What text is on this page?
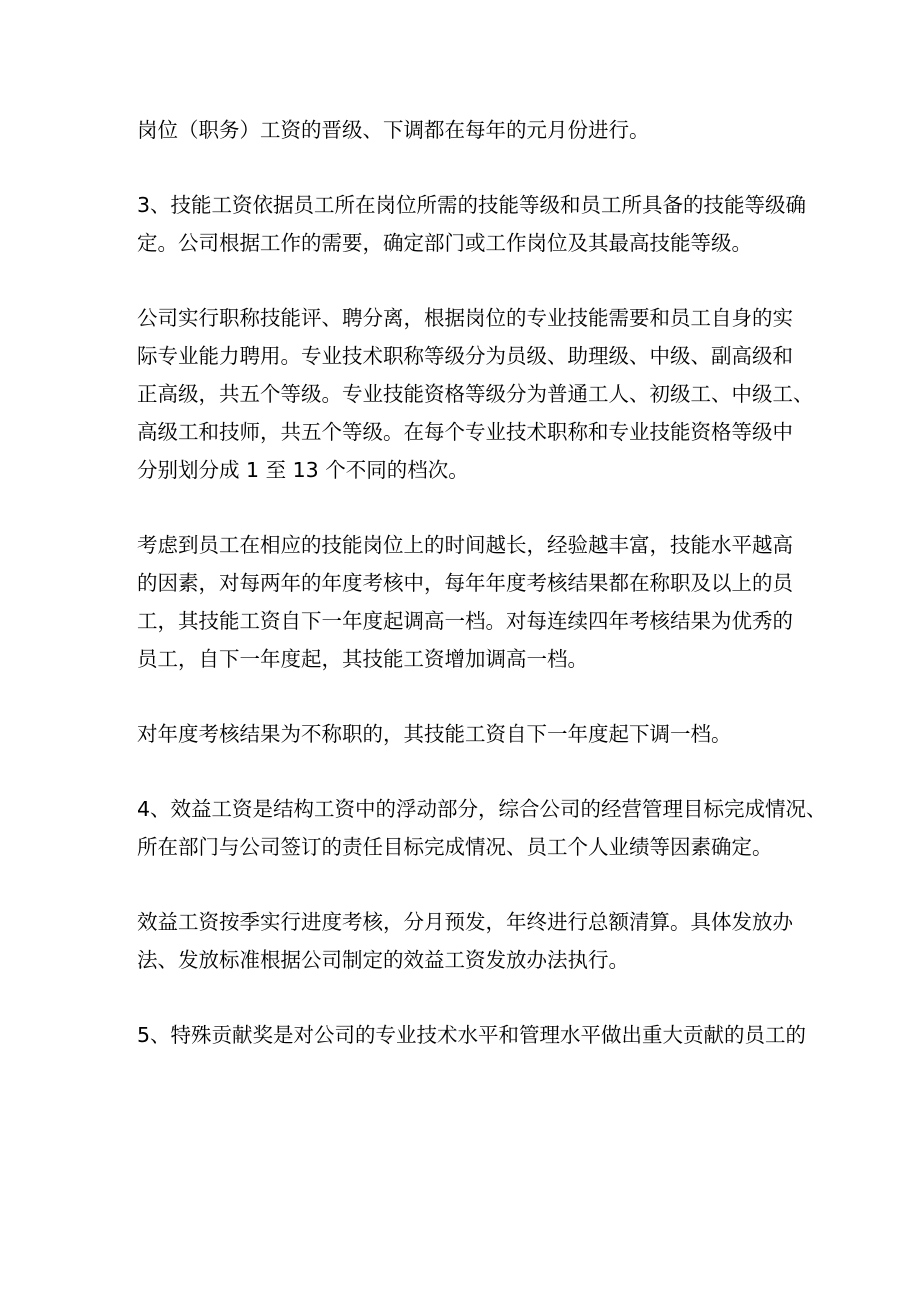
岗位（职务）工资的晋级、下调都在每年的元月份进行。

3、技能工资依据员工所在岗位所需的技能等级和员工所具备的技能等级确
定。公司根据工作的需要，确定部门或工作岗位及其最高技能等级。

公司实行职称技能评、聘分离，根据岗位的专业技能需要和员工自身的实
际专业能力聘用。专业技术职称等级分为员级、助理级、中级、副高级和
正高级，共五个等级。专业技能资格等级分为普通工人、初级工、中级工、
高级工和技师，共五个等级。在每个专业技术职称和专业技能资格等级中
分别划分成 1 至 13 个不同的档次。

考虑到员工在相应的技能岗位上的时间越长，经验越丰富，技能水平越高
的因素，对每两年的年度考核中，每年年度考核结果都在称职及以上的员
工，其技能工资自下一年度起调高一档。对每连续四年考核结果为优秀的
员工，自下一年度起，其技能工资增加调高一档。

对年度考核结果为不称职的，其技能工资自下一年度起下调一档。

4、效益工资是结构工资中的浮动部分，综合公司的经营管理目标完成情况、
所在部门与公司签订的责任目标完成情况、员工个人业绩等因素确定。

效益工资按季实行进度考核，分月预发，年终进行总额清算。具体发放办
法、发放标准根据公司制定的效益工资发放办法执行。

5、特殊贡献奖是对公司的专业技术水平和管理水平做出重大贡献的员工的
